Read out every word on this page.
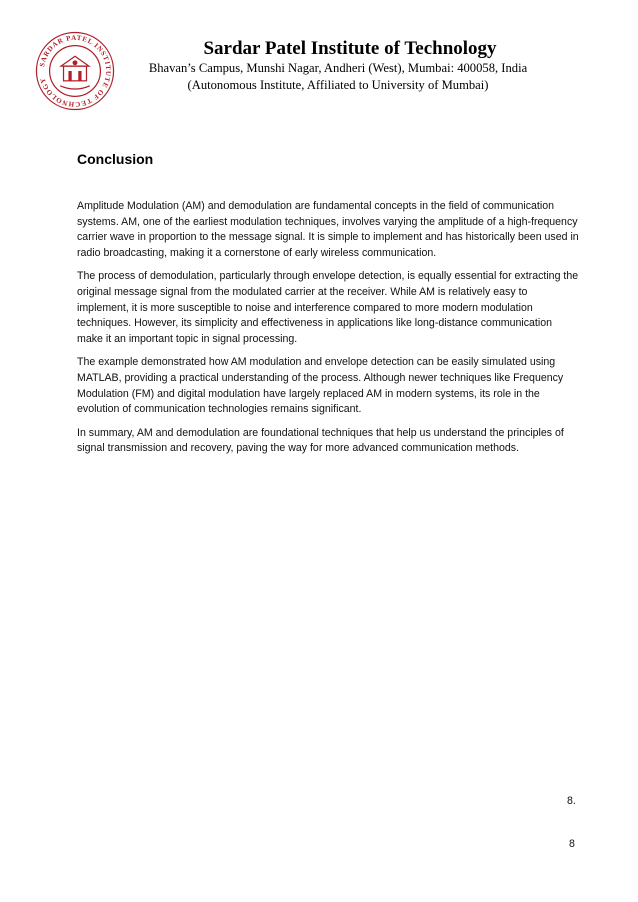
SARDAR PATEL INSTITUTE OF TECHNOLOGY
Sardar Patel Institute of Technology
Bhavan’s Campus, Munshi Nagar, Andheri (West), Mumbai: 400058, India
(Autonomous Institute, Affiliated to University of Mumbai)
Conclusion

Amplitude Modulation (AM) and demodulation are fundamental concepts in the field of communication systems. AM, one of the earliest modulation techniques, involves varying the amplitude of a high-frequency carrier wave in proportion to the message signal. It is simple to implement and has historically been used in radio broadcasting, making it a cornerstone of early wireless communication.

The process of demodulation, particularly through envelope detection, is equally essential for extracting the original message signal from the modulated carrier at the receiver. While AM is relatively easy to implement, it is more susceptible to noise and interference compared to more modern modulation techniques. However, its simplicity and effectiveness in applications like long-distance communication make it an important topic in signal processing.

The example demonstrated how AM modulation and envelope detection can be easily simulated using MATLAB, providing a practical understanding of the process. Although newer techniques like Frequency Modulation (FM) and digital modulation have largely replaced AM in modern systems, its role in the evolution of communication technologies remains significant.

In summary, AM and demodulation are foundational techniques that help us understand the principles of signal transmission and recovery, paving the way for more advanced communication methods.

8.
8
